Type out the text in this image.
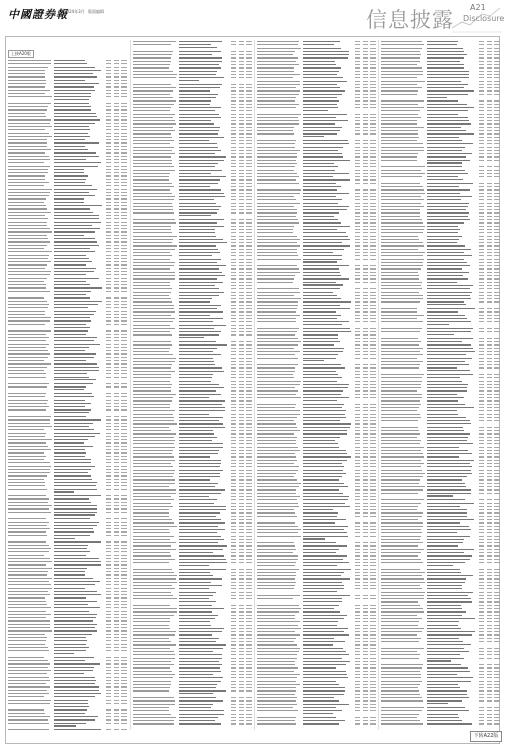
中國證券報
2024年3月 版面编辑	信息披露
A21
Disclosure
上接A20版
下转A22版
